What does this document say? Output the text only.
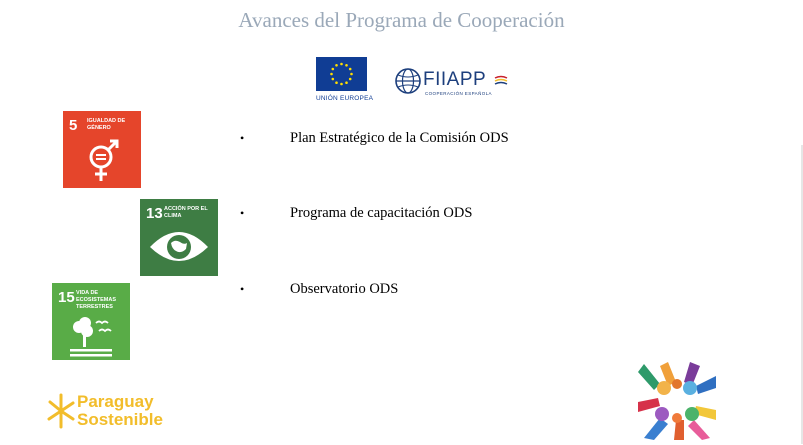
Avances del Programa de Cooperación
UNIÓN EUROPEA
FIIAPP
COOPERACIÓN ESPAÑOLA
5 IGUALDAD DE GÉNERO
13 ACCIÓN POR EL CLIMA
15 VIDA DE ECOSISTEMAS TERRESTRES
•	Plan Estratégico de la Comisión ODS
•	Programa de capacitación ODS
•	Observatorio ODS
Paraguay
Sostenible
